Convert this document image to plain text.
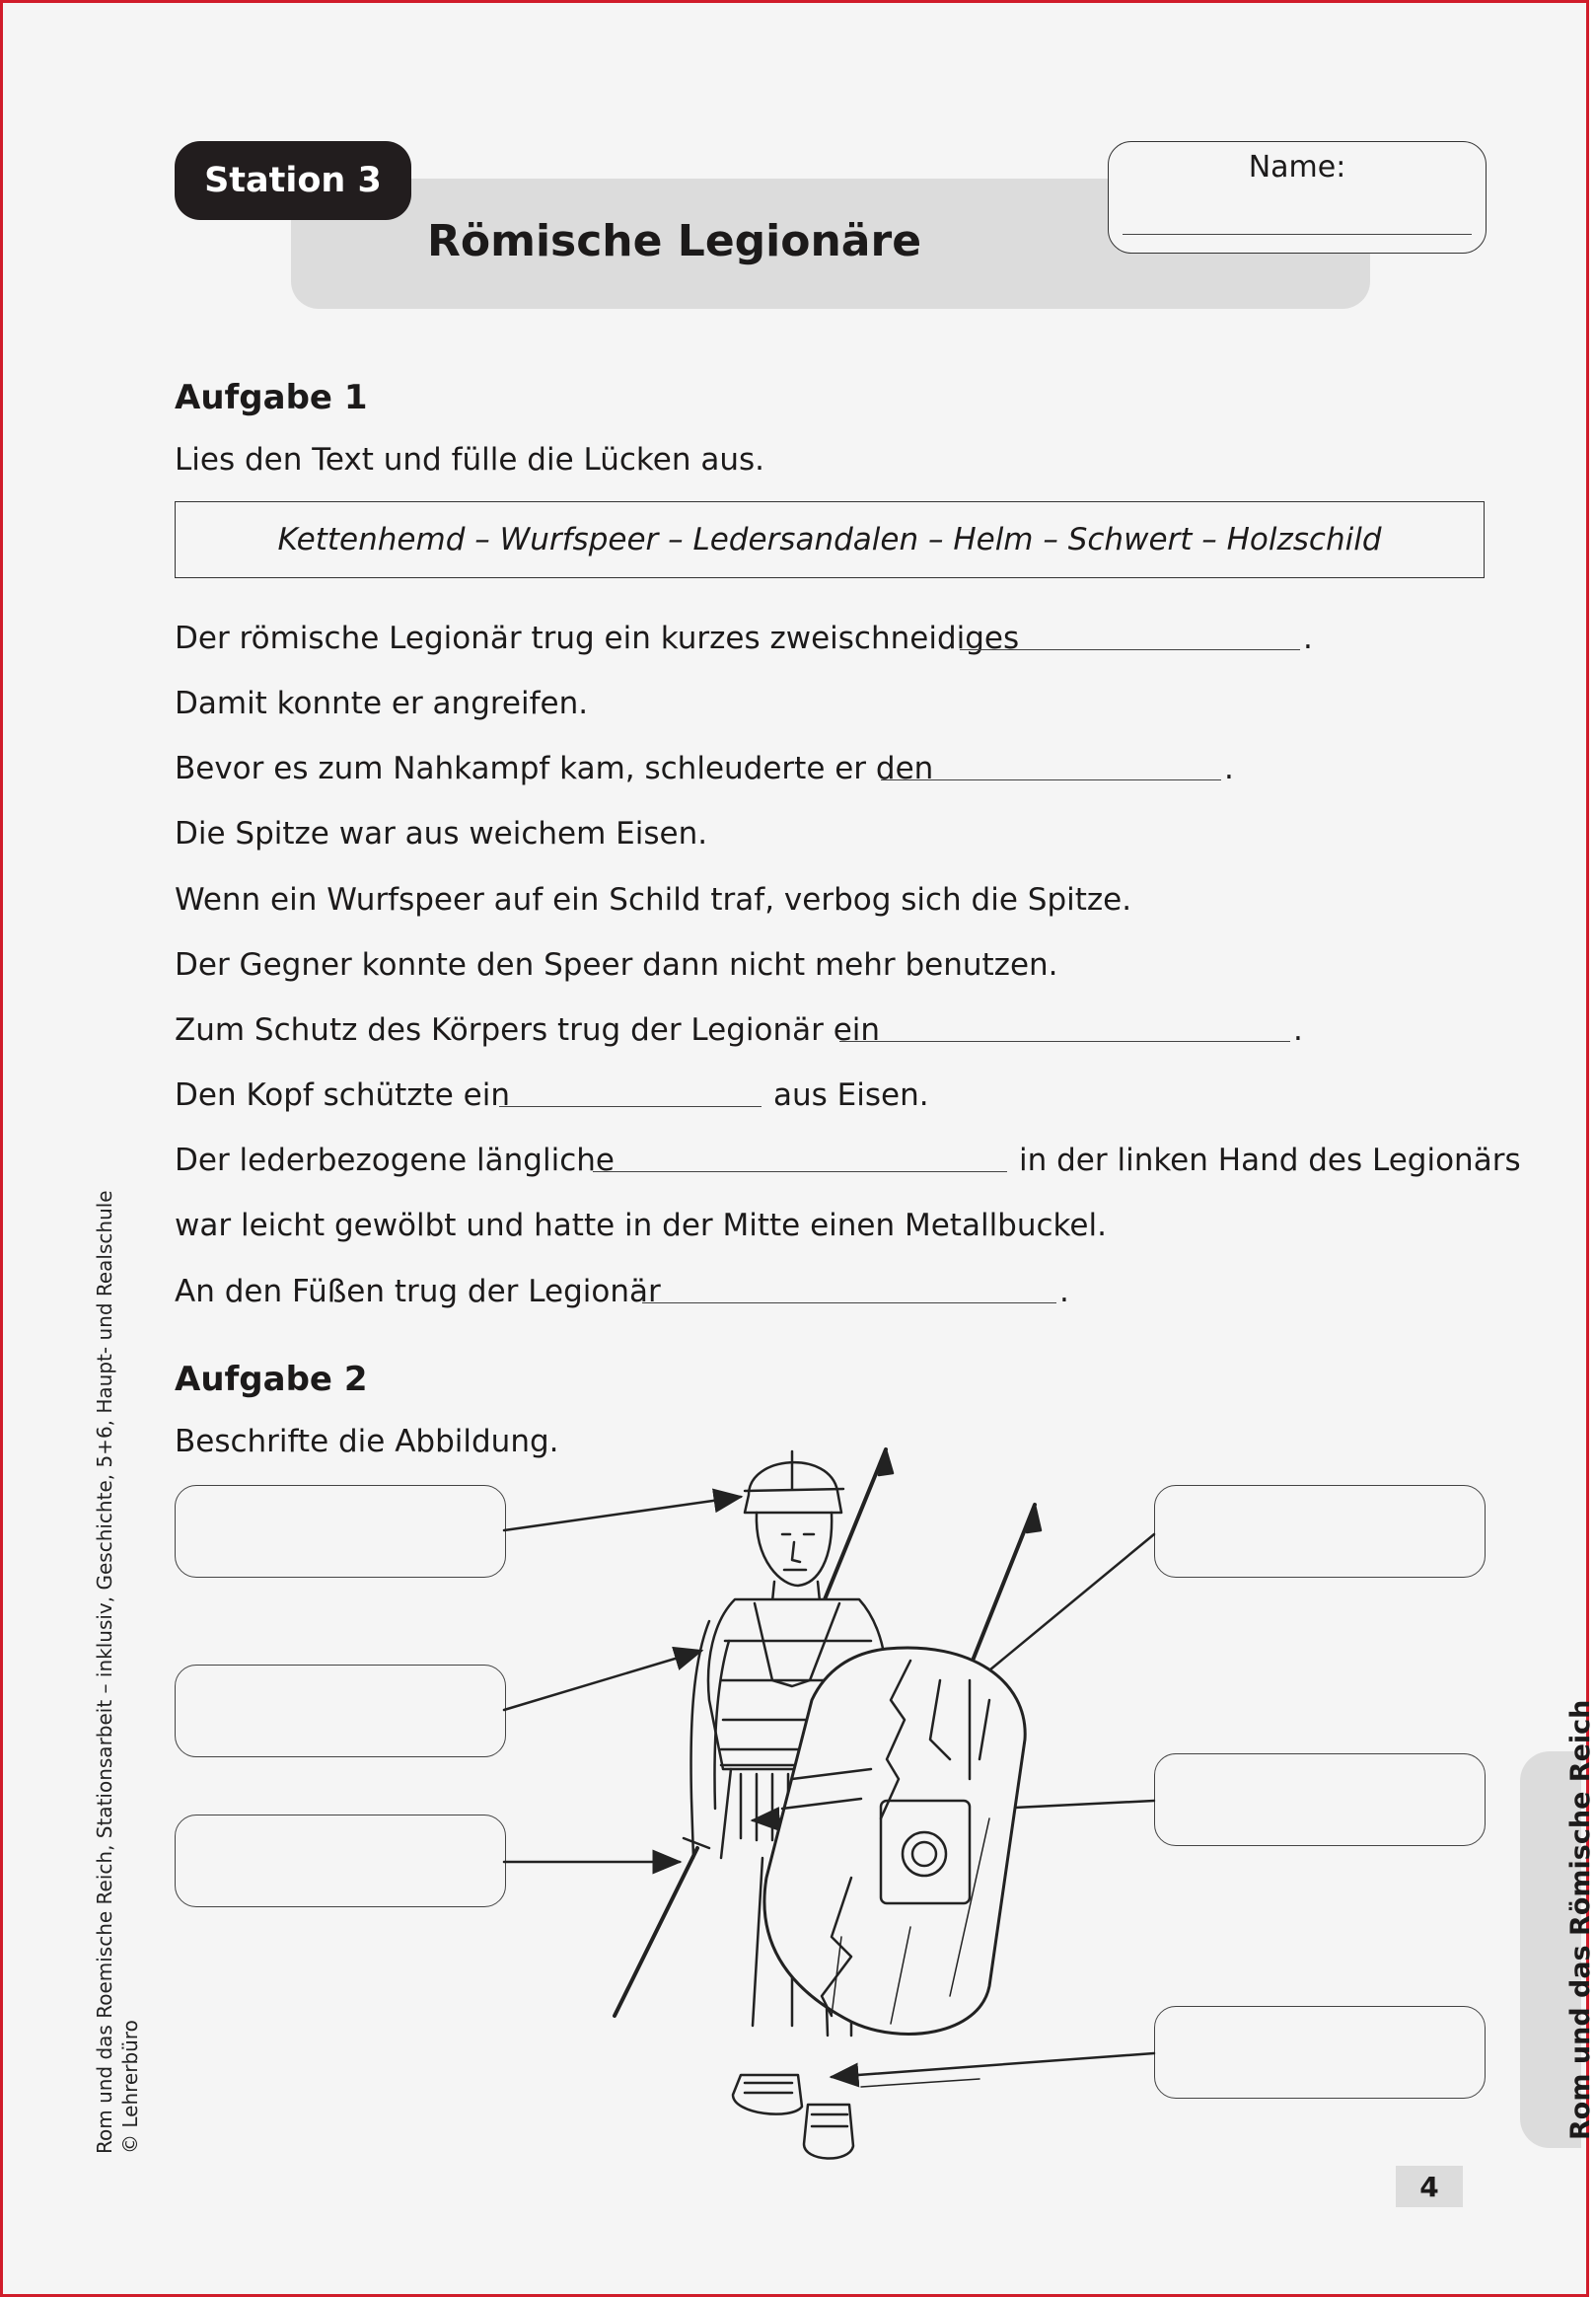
Station 3
Römische Legionäre
Name:
Aufgabe 1
Lies den Text und fülle die Lücken aus.
Kettenhemd – Wurfspeer – Ledersandalen – Helm – Schwert – Holzschild
Der römische Legionär trug ein kurzes zweischneidiges	.
Damit konnte er angreifen.
Bevor es zum Nahkampf kam, schleuderte er den	.
Die Spitze war aus weichem Eisen.
Wenn ein Wurfspeer auf ein Schild traf, verbog sich die Spitze.
Der Gegner konnte den Speer dann nicht mehr benutzen.
Zum Schutz des Körpers trug der Legionär ein	.
Den Kopf schützte ein	aus Eisen.
Der lederbezogene längliche	in der linken Hand des Legionärs
war leicht gewölbt und hatte in der Mitte einen Metallbuckel.
An den Füßen trug der Legionär	.
Aufgabe 2
Beschrifte die Abbildung.
Rom und das Roemische Reich, Stationsarbeit – inklusiv, Geschichte, 5+6, Haupt- und Realschule © Lehrerbüro	Rom und das Römische Reich
4
